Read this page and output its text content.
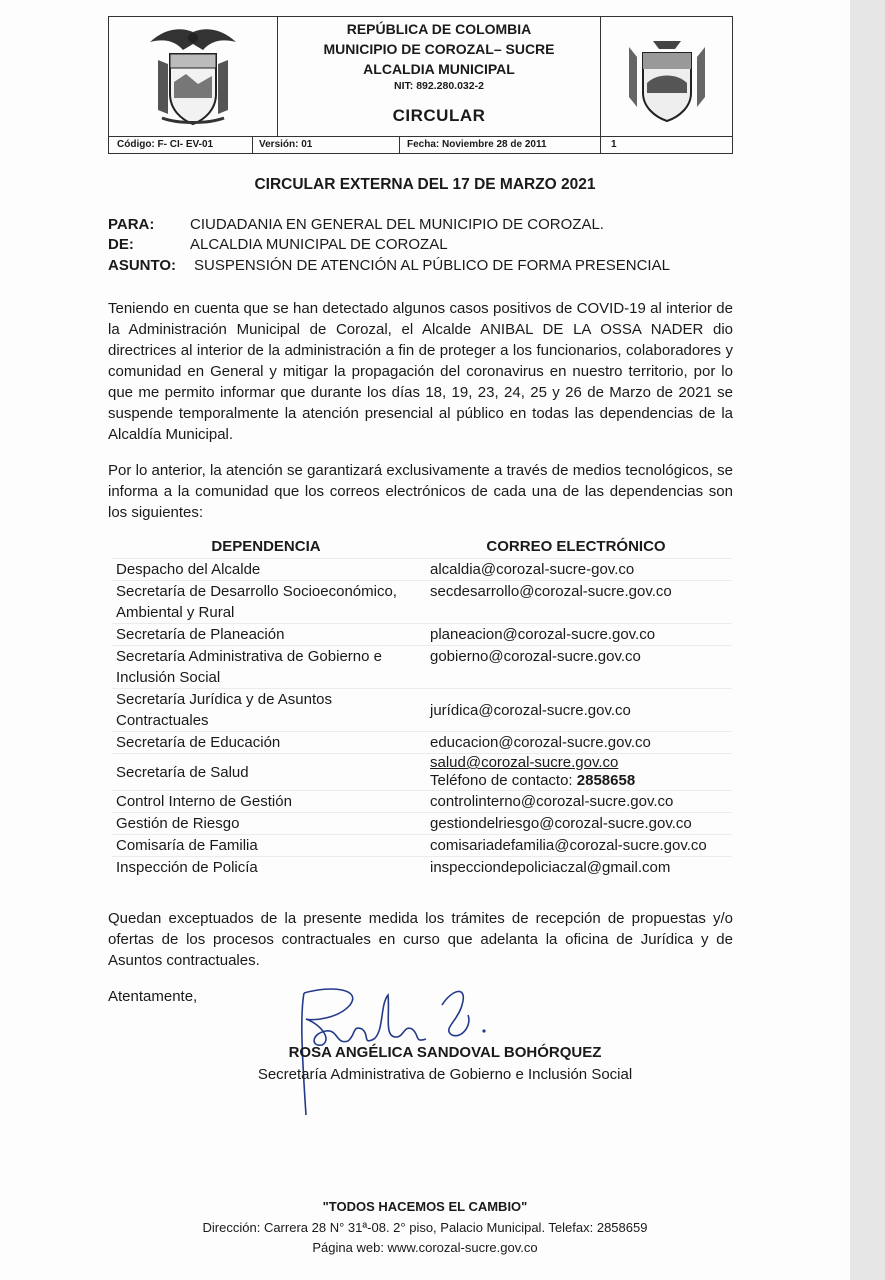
REPÚBLICA DE COLOMBIA
MUNICIPIO DE COROZAL– SUCRE
ALCALDIA MUNICIPAL
NIT: 892.280.032-2
CIRCULAR
Código: F- CI- EV-01	Versión: 01	Fecha: Noviembre 28 de 2011	1
CIRCULAR EXTERNA DEL 17 DE MARZO 2021
PARA: CIUDADANIA EN GENERAL DEL MUNICIPIO DE COROZAL.
DE:	ALCALDIA MUNICIPAL DE COROZAL
ASUNTO: SUSPENSIÓN DE ATENCIÓN AL PÚBLICO DE FORMA PRESENCIAL
Teniendo en cuenta que se han detectado algunos casos positivos de COVID-19 al interior de la Administración Municipal de Corozal, el Alcalde ANIBAL DE LA OSSA NADER dio directrices al interior de la administración a fin de proteger a los funcionarios, colaboradores y comunidad en General y mitigar la propagación del coronavirus en nuestro territorio, por lo que me permito informar que durante los días 18, 19, 23, 24, 25 y 26 de Marzo de 2021 se suspende temporalmente la atención presencial al público en todas las dependencias de la Alcaldía Municipal.
Por lo anterior, la atención se garantizará exclusivamente a través de medios tecnológicos, se informa a la comunidad que los correos electrónicos de cada una de las dependencias son los siguientes:
DEPENDENCIA	CORREO ELECTRÓNICO
Despacho del Alcalde	alcaldia@corozal-sucre-gov.co
Secretaría de Desarrollo Socioeconómico, Ambiental y Rural	secdesarrollo@corozal-sucre.gov.co
Secretaría de Planeación	planeacion@corozal-sucre.gov.co
Secretaría Administrativa de Gobierno e Inclusión Social	gobierno@corozal-sucre.gov.co
Secretaría Jurídica y de Asuntos Contractuales	jurídica@corozal-sucre.gov.co
Secretaría de Educación	educacion@corozal-sucre.gov.co
Secretaría de Salud	salud@corozal-sucre.gov.co
Teléfono de contacto: 2858658
Control Interno de Gestión	controlinterno@corozal-sucre.gov.co
Gestión de Riesgo	gestiondelriesgo@corozal-sucre.gov.co
Comisaría de Familia	comisariadefamilia@corozal-sucre.gov.co
Inspección de Policía	inspecciondepoliciaczal@gmail.com
Quedan exceptuados de la presente medida los trámites de recepción de propuestas y/o ofertas de los procesos contractuales en curso que adelanta la oficina de Jurídica y de Asuntos contractuales.
Atentamente,
ROSA ANGÉLICA SANDOVAL BOHÓRQUEZ
Secretaría Administrativa de Gobierno e Inclusión Social
"TODOS HACEMOS EL CAMBIO"
Dirección: Carrera 28 N° 31ª-08. 2° piso, Palacio Municipal. Telefax: 2858659
Página web: www.corozal-sucre.gov.co
